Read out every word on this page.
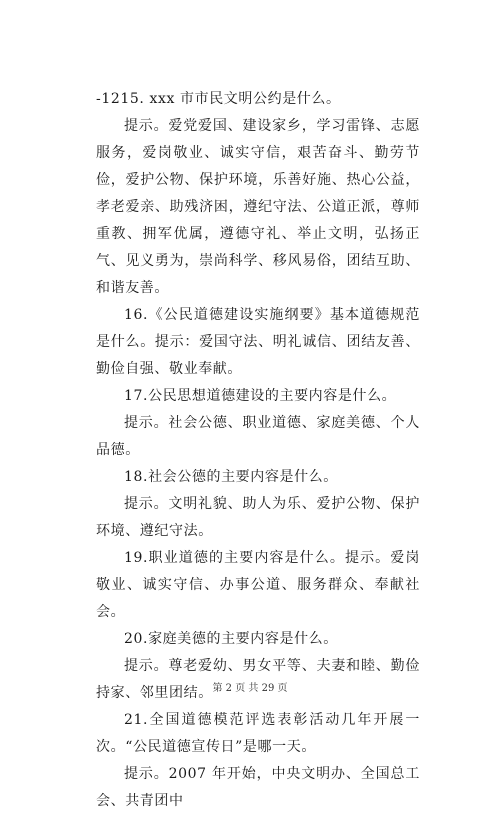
-1215. xxx 市市民文明公约是什么。

提示。爱党爱国、建设家乡，学习雷锋、志愿服务，爱岗敬业、诚实守信，艰苦奋斗、勤劳节俭，爱护公物、保护环境，乐善好施、热心公益，孝老爱亲、助残济困，遵纪守法、公道正派，尊师重教、拥军优属，遵德守礼、举止文明，弘扬正气、见义勇为，崇尚科学、移风易俗，团结互助、和谐友善。

16.《公民道德建设实施纲要》基本道德规范是什么。提示：爱国守法、明礼诚信、团结友善、勤俭自强、敬业奉献。

17.公民思想道德建设的主要内容是什么。

提示。社会公德、职业道德、家庭美德、个人品德。

18.社会公德的主要内容是什么。

提示。文明礼貌、助人为乐、爱护公物、保护环境、遵纪守法。

19.职业道德的主要内容是什么。提示。爱岗敬业、诚实守信、办事公道、服务群众、奉献社会。

20.家庭美德的主要内容是什么。

提示。尊老爱幼、男女平等、夫妻和睦、勤俭持家、邻里团结。

21.全国道德模范评选表彰活动几年开展一次。“公民道德宣传日”是哪一天。

提示。2007 年开始，中央文明办、全国总工会、共青团中

第 2 页 共 29 页
